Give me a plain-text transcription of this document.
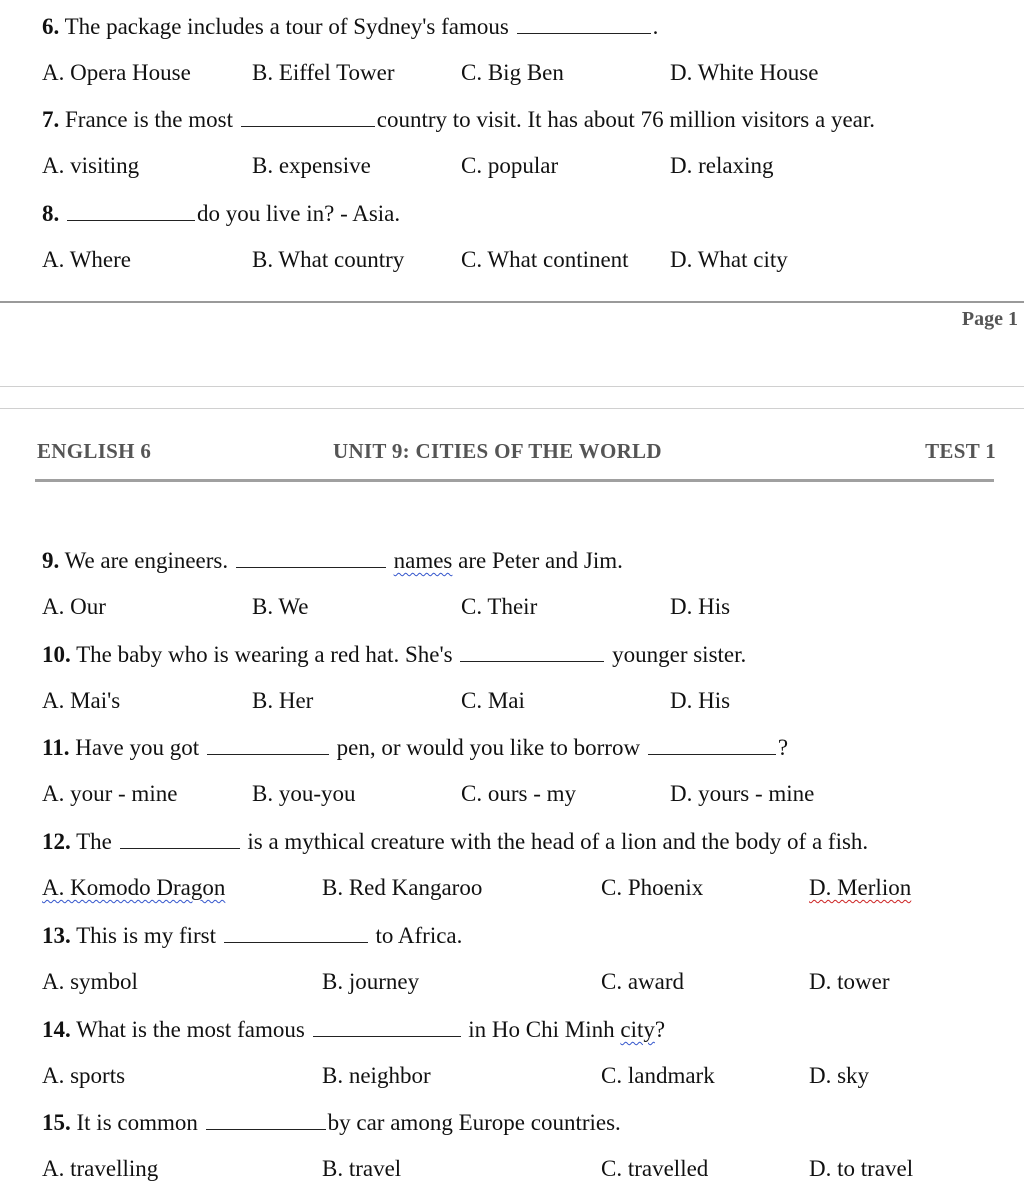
6. The package includes a tour of Sydney's famous	.
A. Opera House	B. Eiffel Tower	C. Big Ben	D. White House
7. France is the most	country to visit. It has about 76 million visitors a year.
A. visiting	B. expensive	C. popular	D. relaxing
8.	do you live in? - Asia.
A. Where	B. What country C. What continent D. What city
Page 1
ENGLISH 6	UNIT 9: CITIES OF THE WORLD	TEST 1
9. We are engineers.	names are Peter and Jim.
A. Our	B. We	C. Their	D. His
10. The baby who is wearing a red hat. She's	younger sister.
A. Mai's	B. Her	C. Mai	D. His
11. Have you got	pen, or would you like to borrow	?
A. your - mine	B. you-you	C. ours - my	D. yours - mine
12. The	is a mythical creature with the head of a lion and the body of a fish.
A. Komodo Dragon	B. Red Kangaroo	C. Phoenix	D. Merlion
13. This is my first	to Africa.
A. symbol	B. journey	C. award	D. tower
14. What is the most famous	in Ho Chi Minh city?
A. sports	B. neighbor	C. landmark	D. sky
15. It is common	by car among Europe countries.
A. travelling	B. travel	C. travelled	D. to travel
